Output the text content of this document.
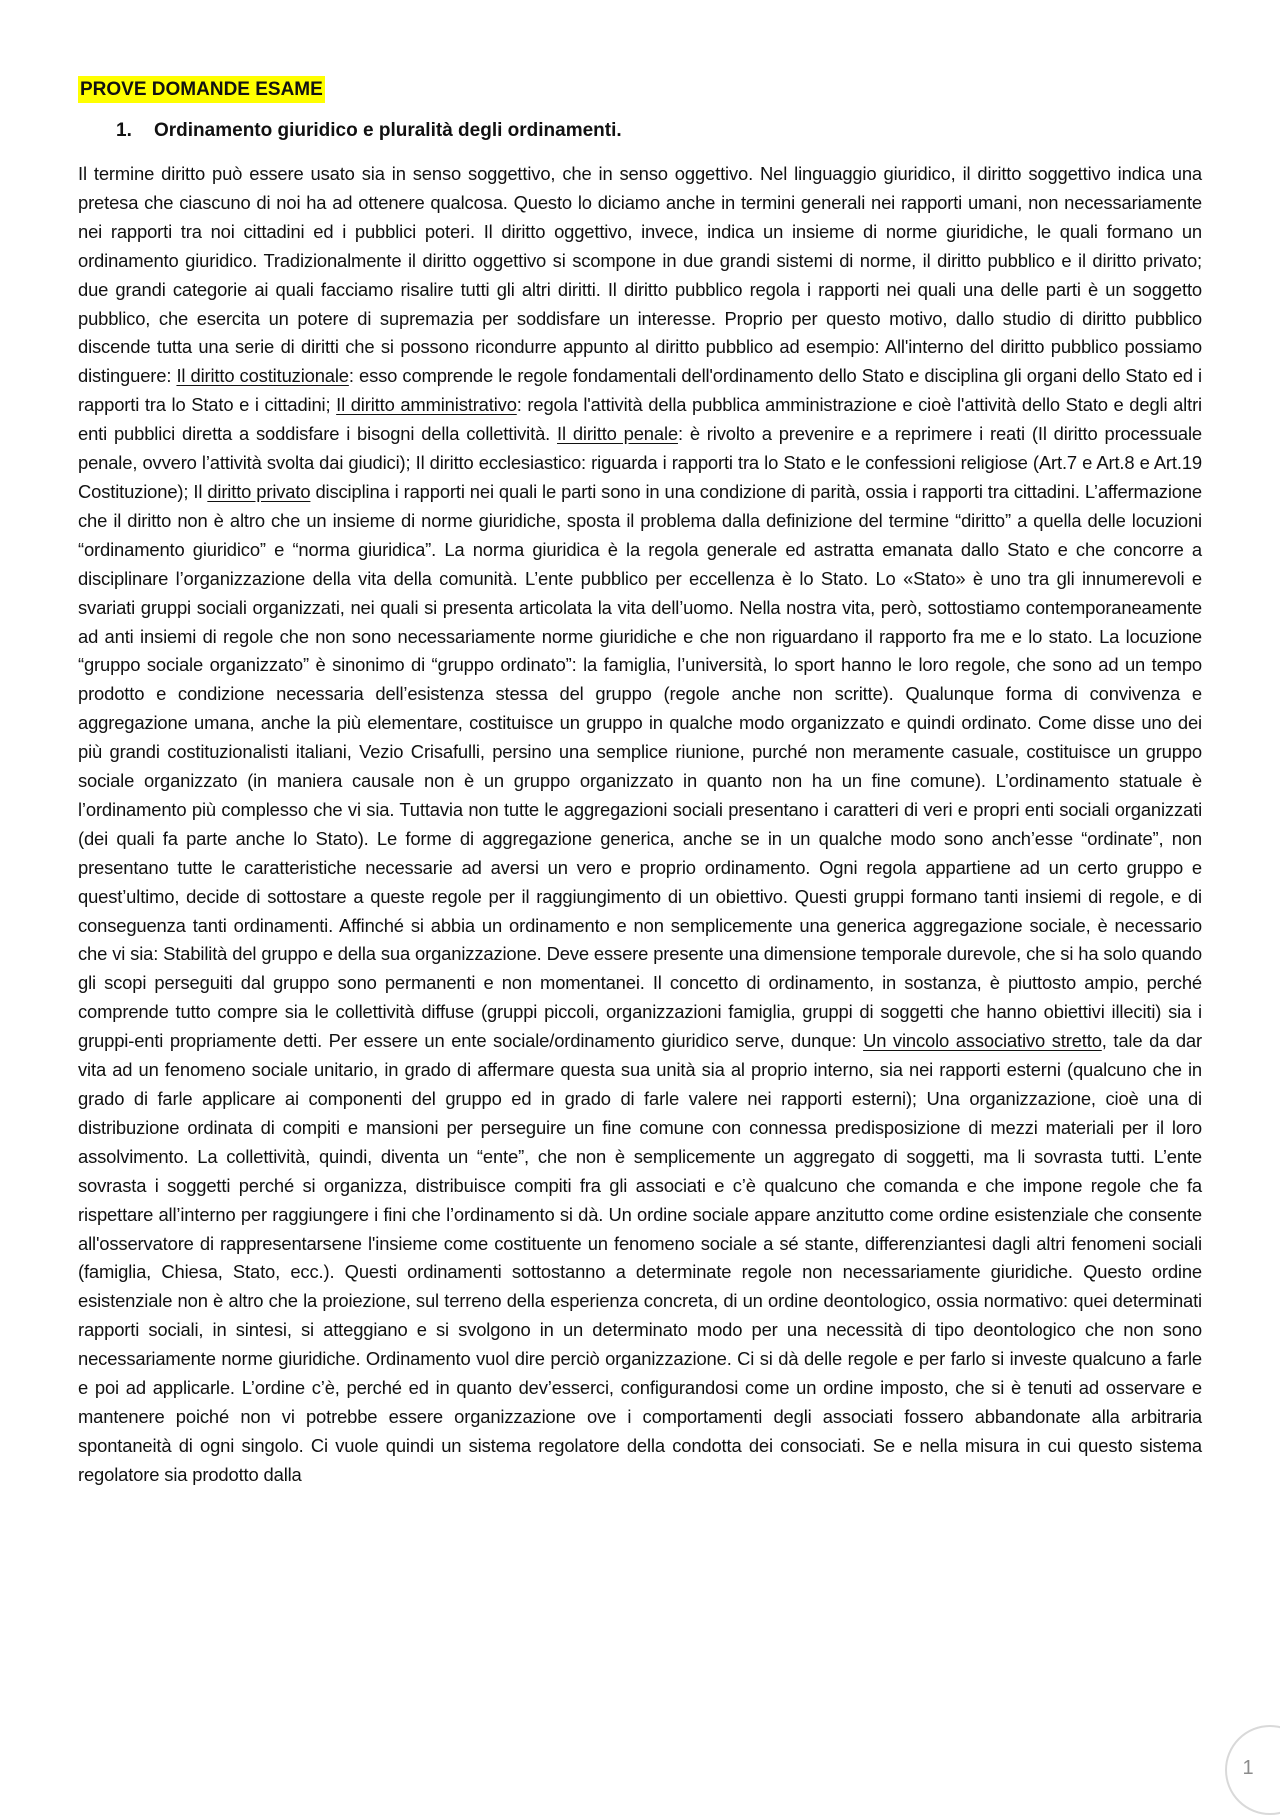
PROVE DOMANDE ESAME
1. Ordinamento giuridico e pluralità degli ordinamenti.

Il termine diritto può essere usato sia in senso soggettivo, che in senso oggettivo. Nel linguaggio giuridico, il diritto soggettivo indica una pretesa che ciascuno di noi ha ad ottenere qualcosa. Questo lo diciamo anche in termini generali nei rapporti umani, non necessariamente nei rapporti tra noi cittadini ed i pubblici poteri. Il diritto oggettivo, invece, indica un insieme di norme giuridiche, le quali formano un ordinamento giuridico. Tradizionalmente il diritto oggettivo si scompone in due grandi sistemi di norme, il diritto pubblico e il diritto privato; due grandi categorie ai quali facciamo risalire tutti gli altri diritti. Il diritto pubblico regola i rapporti nei quali una delle parti è un soggetto pubblico, che esercita un potere di supremazia per soddisfare un interesse. Proprio per questo motivo, dallo studio di diritto pubblico discende tutta una serie di diritti che si possono ricondurre appunto al diritto pubblico ad esempio: All'interno del diritto pubblico possiamo distinguere: Il diritto costituzionale: esso comprende le regole fondamentali dell'ordinamento dello Stato e disciplina gli organi dello Stato ed i rapporti tra lo Stato e i cittadini; Il diritto amministrativo: regola l'attività della pubblica amministrazione e cioè l'attività dello Stato e degli altri enti pubblici diretta a soddisfare i bisogni della collettività. Il diritto penale: è rivolto a prevenire e a reprimere i reati (Il diritto processuale penale, ovvero l’attività svolta dai giudici); Il diritto ecclesiastico: riguarda i rapporti tra lo Stato e le confessioni religiose (Art.7 e Art.8 e Art.19 Costituzione); Il diritto privato disciplina i rapporti nei quali le parti sono in una condizione di parità, ossia i rapporti tra cittadini. L’affermazione che il diritto non è altro che un insieme di norme giuridiche, sposta il problema dalla definizione del termine “diritto” a quella delle locuzioni “ordinamento giuridico” e “norma giuridica”. La norma giuridica è la regola generale ed astratta emanata dallo Stato e che concorre a disciplinare l’organizzazione della vita della comunità. L’ente pubblico per eccellenza è lo Stato. Lo «Stato» è uno tra gli innumerevoli e svariati gruppi sociali organizzati, nei quali si presenta articolata la vita dell’uomo. Nella nostra vita, però, sottostiamo contemporaneamente ad anti insiemi di regole che non sono necessariamente norme giuridiche e che non riguardano il rapporto fra me e lo stato. La locuzione “gruppo sociale organizzato” è sinonimo di “gruppo ordinato”: la famiglia, l’università, lo sport hanno le loro regole, che sono ad un tempo prodotto e condizione necessaria dell’esistenza stessa del gruppo (regole anche non scritte). Qualunque forma di convivenza e aggregazione umana, anche la più elementare, costituisce un gruppo in qualche modo organizzato e quindi ordinato. Come disse uno dei più grandi costituzionalisti italiani, Vezio Crisafulli, persino una semplice riunione, purché non meramente casuale, costituisce un gruppo sociale organizzato (in maniera causale non è un gruppo organizzato in quanto non ha un fine comune). L’ordinamento statuale è l’ordinamento più complesso che vi sia. Tuttavia non tutte le aggregazioni sociali presentano i caratteri di veri e propri enti sociali organizzati (dei quali fa parte anche lo Stato). Le forme di aggregazione generica, anche se in un qualche modo sono anch’esse “ordinate”, non presentano tutte le caratteristiche necessarie ad aversi un vero e proprio ordinamento. Ogni regola appartiene ad un certo gruppo e quest’ultimo, decide di sottostare a queste regole per il raggiungimento di un obiettivo. Questi gruppi formano tanti insiemi di regole, e di conseguenza tanti ordinamenti. Affinché si abbia un ordinamento e non semplicemente una generica aggregazione sociale, è necessario che vi sia: Stabilità del gruppo e della sua organizzazione. Deve essere presente una dimensione temporale durevole, che si ha solo quando gli scopi perseguiti dal gruppo sono permanenti e non momentanei. Il concetto di ordinamento, in sostanza, è piuttosto ampio, perché comprende tutto compre sia le collettività diffuse (gruppi piccoli, organizzazioni famiglia, gruppi di soggetti che hanno obiettivi illeciti) sia i gruppi-enti propriamente detti. Per essere un ente sociale/ordinamento giuridico serve, dunque: Un vincolo associativo stretto, tale da dar vita ad un fenomeno sociale unitario, in grado di affermare questa sua unità sia al proprio interno, sia nei rapporti esterni (qualcuno che in grado di farle applicare ai componenti del gruppo ed in grado di farle valere nei rapporti esterni); Una organizzazione, cioè una di distribuzione ordinata di compiti e mansioni per perseguire un fine comune con connessa predisposizione di mezzi materiali per il loro assolvimento. La collettività, quindi, diventa un “ente”, che non è semplicemente un aggregato di soggetti, ma li sovrasta tutti. L’ente sovrasta i soggetti perché si organizza, distribuisce compiti fra gli associati e c’è qualcuno che comanda e che impone regole che fa rispettare all’interno per raggiungere i fini che l’ordinamento si dà. Un ordine sociale appare anzitutto come ordine esistenziale che consente all'osservatore di rappresentarsene l'insieme come costituente un fenomeno sociale a sé stante, differenziantesi dagli altri fenomeni sociali (famiglia, Chiesa, Stato, ecc.). Questi ordinamenti sottostanno a determinate regole non necessariamente giuridiche. Questo ordine esistenziale non è altro che la proiezione, sul terreno della esperienza concreta, di un ordine deontologico, ossia normativo: quei determinati rapporti sociali, in sintesi, si atteggiano e si svolgono in un determinato modo per una necessità di tipo deontologico che non sono necessariamente norme giuridiche. Ordinamento vuol dire perciò organizzazione. Ci si dà delle regole e per farlo si investe qualcuno a farle e poi ad applicarle. L’ordine c’è, perché ed in quanto dev’esserci, configurandosi come un ordine imposto, che si è tenuti ad osservare e mantenere poiché non vi potrebbe essere organizzazione ove i comportamenti degli associati fossero abbandonate alla arbitraria spontaneità di ogni singolo. Ci vuole quindi un sistema regolatore della condotta dei consociati. Se e nella misura in cui questo sistema regolatore sia prodotto dalla

1
